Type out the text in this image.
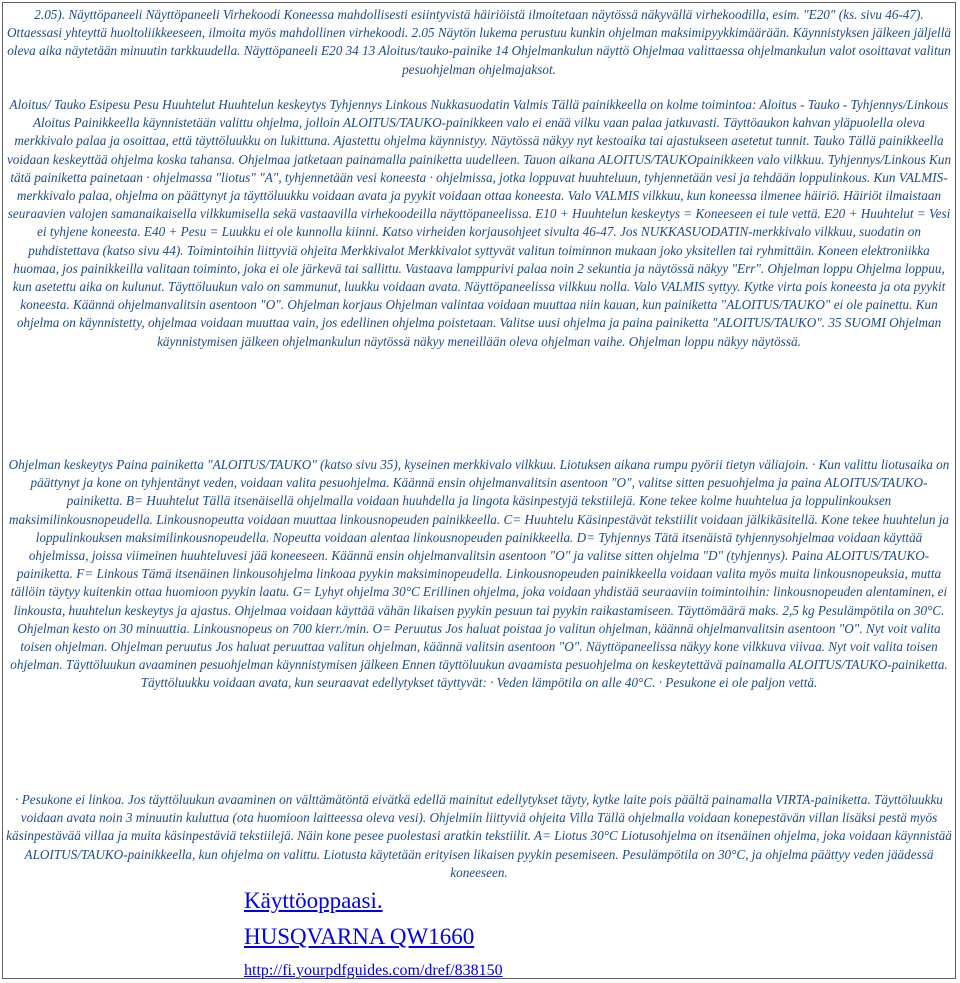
2.05). Näyttöpaneeli Näyttöpaneeli Virhekoodi Koneessa mahdollisesti esiintyvistä häiriöistä ilmoitetaan näytössä näkyvällä virhekoodilla, esim. "E20" (ks. sivu 46-47). Ottaessasi yhteyttä huoltoliikkeeseen, ilmoita myös mahdollinen virhekoodi. 2.05 Näytön lukema perustuu kunkin ohjelman maksimipyykkimäärään. Käynnistyksen jälkeen jäljellä oleva aika näytetään minuutin tarkkuudella. Näyttöpaneeli E20 34 13 Aloitus/tauko-painike 14 Ohjelmankulun näyttö Ohjelmaa valittaessa ohjelmankulun valot osoittavat valitun pesuohjelman ohjelmajaksot.
Aloitus/ Tauko Esipesu Pesu Huuhtelut Huuhtelun keskeytys Tyhjennys Linkous Nukkasuodatin Valmis Tällä painikkeella on kolme toimintoa: Aloitus - Tauko - Tyhjennys/Linkous Aloitus Painikkeella käynnistetään valittu ohjelma, jolloin ALOITUS/TAUKO-painikkeen valo ei enää vilku vaan palaa jatkuvasti. Täyttöaukon kahvan yläpuolella oleva merkkivalo palaa ja osoittaa, että täyttöluukku on lukittuna. Ajastettu ohjelma käynnistyy. Näytössä näkyy nyt kestoaika tai ajastukseen asetetut tunnit. Tauko Tällä painikkeella voidaan keskeyttää ohjelma koska tahansa. Ohjelmaa jatketaan painamalla painiketta uudelleen. Tauon aikana ALOITUS/TAUKOpainikkeen valo vilkkuu. Tyhjennys/Linkous Kun tätä painiketta painetaan · ohjelmassa "liotus" "A", tyhjennetään vesi koneesta · ohjelmissa, jotka loppuvat huuhteluun, tyhjennetään vesi ja tehdään loppulinkous. Kun VALMIS-merkkivalo palaa, ohjelma on päättynyt ja täyttöluukku voidaan avata ja pyykit voidaan ottaa koneesta. Valo VALMIS vilkkuu, kun koneessa ilmenee häiriö. Häiriöt ilmaistaan seuraavien valojen samanaikaisella vilkkumisella sekä vastaavilla virhekoodeilla näyttöpaneelissa. E10 + Huuhtelun keskeytys = Koneeseen ei tule vettä. E20 + Huuhtelut = Vesi ei tyhjene koneesta. E40 + Pesu = Luukku ei ole kunnolla kiinni. Katso virheiden korjausohjeet sivulta 46-47. Jos NUKKASUODATIN-merkkivalo vilkkuu, suodatin on puhdistettava (katso sivu 44). Toimintoihin liittyviä ohjeita Merkkivalot Merkkivalot syttyvät valitun toiminnon mukaan joko yksitellen tai ryhmittäin. Koneen elektroniikka huomaa, jos painikkeilla valitaan toiminto, joka ei ole järkevä tai sallittu. Vastaava lamppurivi palaa noin 2 sekuntia ja näytössä näkyy "Err". Ohjelman loppu Ohjelma loppuu, kun asetettu aika on kulunut. Täyttöluukun valo on sammunut, luukku voidaan avata. Näyttöpaneelissa vilkkuu nolla. Valo VALMIS syttyy. Kytke virta pois koneesta ja ota pyykit koneesta. Käännä ohjelmanvalitsin asentoon "O". Ohjelman korjaus Ohjelman valintaa voidaan muuttaa niin kauan, kun painiketta "ALOITUS/TAUKO" ei ole painettu. Kun ohjelma on käynnistetty, ohjelmaa voidaan muuttaa vain, jos edellinen ohjelma poistetaan. Valitse uusi ohjelma ja paina painiketta "ALOITUS/TAUKO". 35 SUOMI Ohjelman käynnistymisen jälkeen ohjelmankulun näytössä näkyy meneillään oleva ohjelman vaihe. Ohjelman loppu näkyy näytössä.
Ohjelman keskeytys Paina painiketta "ALOITUS/TAUKO" (katso sivu 35), kyseinen merkkivalo vilkkuu. Liotuksen aikana rumpu pyörii tietyn väliajoin. · Kun valittu liotusaika on päättynyt ja kone on tyhjentänyt veden, voidaan valita pesuohjelma. Käännä ensin ohjelmanvalitsin asentoon "O", valitse sitten pesuohjelma ja paina ALOITUS/TAUKO-painiketta. B= Huuhtelut Tällä itsenäisellä ohjelmalla voidaan huuhdella ja lingota käsinpestyjä tekstiilejä. Kone tekee kolme huuhtelua ja loppulinkouksen maksimilinkousnopeudella. Linkousnopeutta voidaan muuttaa linkousnopeuden painikkeella. C= Huuhtelu Käsinpestävät tekstiilit voidaan jälkikäsitellä. Kone tekee huuhtelun ja loppulinkouksen maksimilinkousnopeudella. Nopeutta voidaan alentaa linkousnopeuden painikkeella. D= Tyhjennys Tätä itsenäistä tyhjennysohjelmaa voidaan käyttää ohjelmissa, joissa viimeinen huuhteluvesi jää koneeseen. Käännä ensin ohjelmanvalitsin asentoon "O" ja valitse sitten ohjelma "D" (tyhjennys). Paina ALOITUS/TAUKO-painiketta. F= Linkous Tämä itsenäinen linkousohjelma linkoaa pyykin maksiminopeudella. Linkousnopeuden painikkeella voidaan valita myös muita linkousnopeuksia, mutta tällöin täytyy kuitenkin ottaa huomioon pyykin laatu. G= Lyhyt ohjelma 30°C Erillinen ohjelma, joka voidaan yhdistää seuraaviin toimintoihin: linkousnopeuden alentaminen, ei linkousta, huuhtelun keskeytys ja ajastus. Ohjelmaa voidaan käyttää vähän likaisen pyykin pesuun tai pyykin raikastamiseen. Täyttömäärä maks. 2,5 kg Pesulämpötila on 30°C. Ohjelman kesto on 30 minuuttia. Linkousnopeus on 700 kierr./min. O= Peruutus Jos haluat poistaa jo valitun ohjelman, käännä ohjelmanvalitsin asentoon "O". Nyt voit valita toisen ohjelman. Ohjelman peruutus Jos haluat peruuttaa valitun ohjelman, käännä valitsin asentoon "O". Näyttöpaneelissa näkyy kone vilkkuva viivaa. Nyt voit valita toisen ohjelman. Täyttöluukun avaaminen pesuohjelman käynnistymisen jälkeen Ennen täyttöluukun avaamista pesuohjelma on keskeytettävä painamalla ALOITUS/TAUKO-painiketta. Täyttöluukku voidaan avata, kun seuraavat edellytykset täyttyvät: · Veden lämpötila on alle 40°C. · Pesukone ei ole paljon vettä.
· Pesukone ei linkoa. Jos täyttöluukun avaaminen on välttämätöntä eivätkä edellä mainitut edellytykset täyty, kytke laite pois päältä painamalla VIRTA-painiketta. Täyttöluukku voidaan avata noin 3 minuutin kuluttua (ota huomioon laitteessa oleva vesi). Ohjelmiin liittyviä ohjeita Villa Tällä ohjelmalla voidaan konepestävän villan lisäksi pestä myös käsinpestävää villaa ja muita käsinpestäviä tekstiilejä. Näin kone pesee puolestasi aratkin tekstiilit. A= Liotus 30°C Liotusohjelma on itsenäinen ohjelma, joka voidaan käynnistää ALOITUS/TAUKO-painikkeella, kun ohjelma on valittu. Liotusta käytetään erityisen likaisen pyykin pesemiseen. Pesulämpötila on 30°C, ja ohjelma päättyy veden jäädessä koneeseen.
Käyttöoppaasi.
HUSQVARNA QW1660
http://fi.yourpdfguides.com/dref/838150
